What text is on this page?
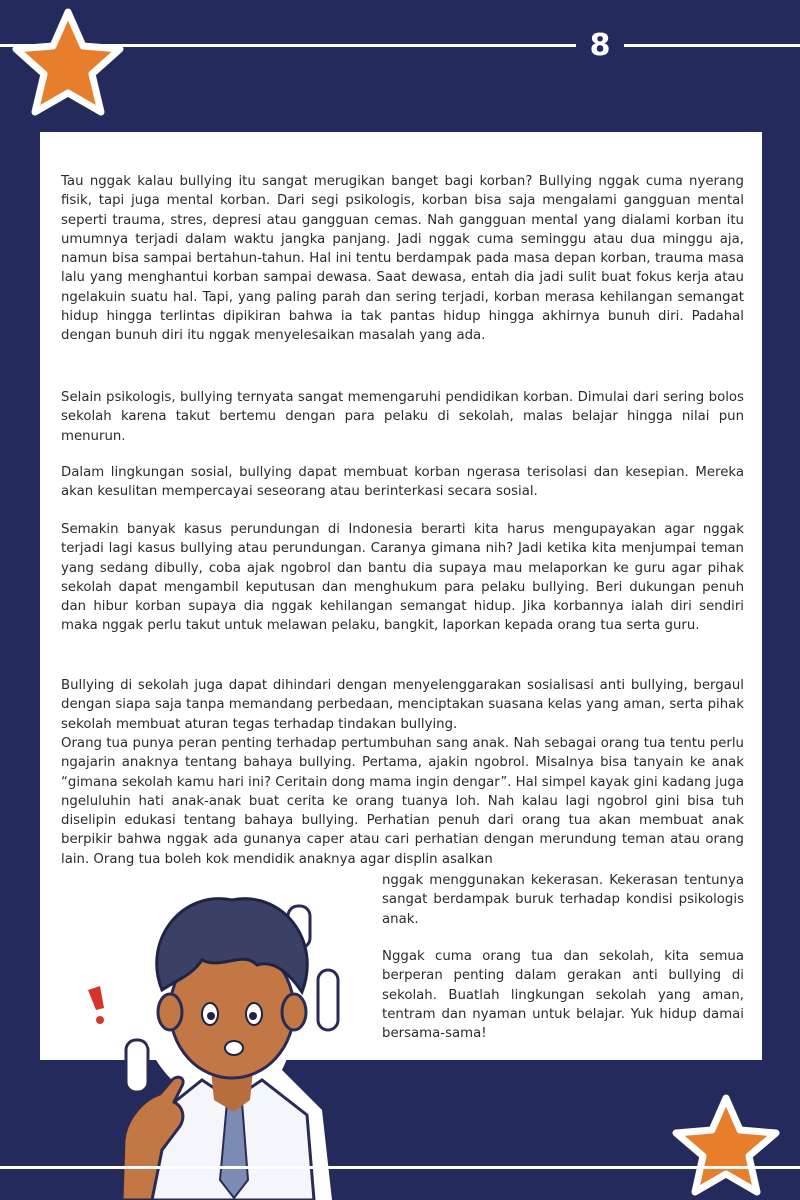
8
Tau nggak kalau bullying itu sangat merugikan banget bagi korban? Bullying nggak cuma nyerang fisik, tapi juga mental korban. Dari segi psikologis, korban bisa saja mengalami gangguan mental seperti trauma, stres, depresi atau gangguan cemas. Nah gangguan mental yang dialami korban itu umumnya terjadi dalam waktu jangka panjang. Jadi nggak cuma seminggu atau dua minggu aja, namun bisa sampai bertahun-tahun. Hal ini tentu berdampak pada masa depan korban, trauma masa lalu yang menghantui korban sampai dewasa. Saat dewasa, entah dia jadi sulit buat fokus kerja atau ngelakuin suatu hal. Tapi, yang paling parah dan sering terjadi, korban merasa kehilangan semangat hidup hingga terlintas dipikiran bahwa ia tak pantas hidup hingga akhirnya bunuh diri. Padahal dengan bunuh diri itu nggak menyelesaikan masalah yang ada.
Selain psikologis, bullying ternyata sangat memengaruhi pendidikan korban. Dimulai dari sering bolos sekolah karena takut bertemu dengan para pelaku di sekolah, malas belajar hingga nilai pun menurun.
Dalam lingkungan sosial, bullying dapat membuat korban ngerasa terisolasi dan kesepian. Mereka akan kesulitan mempercayai seseorang atau berinterkasi secara sosial.
Semakin banyak kasus perundungan di Indonesia berarti kita harus mengupayakan agar nggak terjadi lagi kasus bullying atau perundungan. Caranya gimana nih? Jadi ketika kita menjumpai teman yang sedang dibully, coba ajak ngobrol dan bantu dia supaya mau melaporkan ke guru agar pihak sekolah dapat mengambil keputusan dan menghukum para pelaku bullying. Beri dukungan penuh dan hibur korban supaya dia nggak kehilangan semangat hidup. Jika korbannya ialah diri sendiri maka nggak perlu takut untuk melawan pelaku, bangkit, laporkan kepada orang tua serta guru.
Bullying di sekolah juga dapat dihindari dengan menyelenggarakan sosialisasi anti bullying, bergaul dengan siapa saja tanpa memandang perbedaan, menciptakan suasana kelas yang aman, serta pihak sekolah membuat aturan tegas terhadap tindakan bullying.
Orang tua punya peran penting terhadap pertumbuhan sang anak. Nah sebagai orang tua tentu perlu ngajarin anaknya tentang bahaya bullying. Pertama, ajakin ngobrol. Misalnya bisa tanyain ke anak “gimana sekolah kamu hari ini? Ceritain dong mama ingin dengar”. Hal simpel kayak gini kadang juga ngeluluhin hati anak-anak buat cerita ke orang tuanya loh. Nah kalau lagi ngobrol gini bisa tuh diselipin edukasi tentang bahaya bullying. Perhatian penuh dari orang tua akan membuat anak berpikir bahwa nggak ada gunanya caper atau cari perhatian dengan merundung teman atau orang lain. Orang tua boleh kok mendidik anaknya agar displin asalkan
nggak menggunakan kekerasan. Kekerasan tentunya sangat berdampak buruk terhadap kondisi psikologis anak.
Nggak cuma orang tua dan sekolah, kita semua berperan penting dalam gerakan anti bullying di sekolah. Buatlah lingkungan sekolah yang aman, tentram dan nyaman untuk belajar. Yuk hidup damai bersama-sama!
